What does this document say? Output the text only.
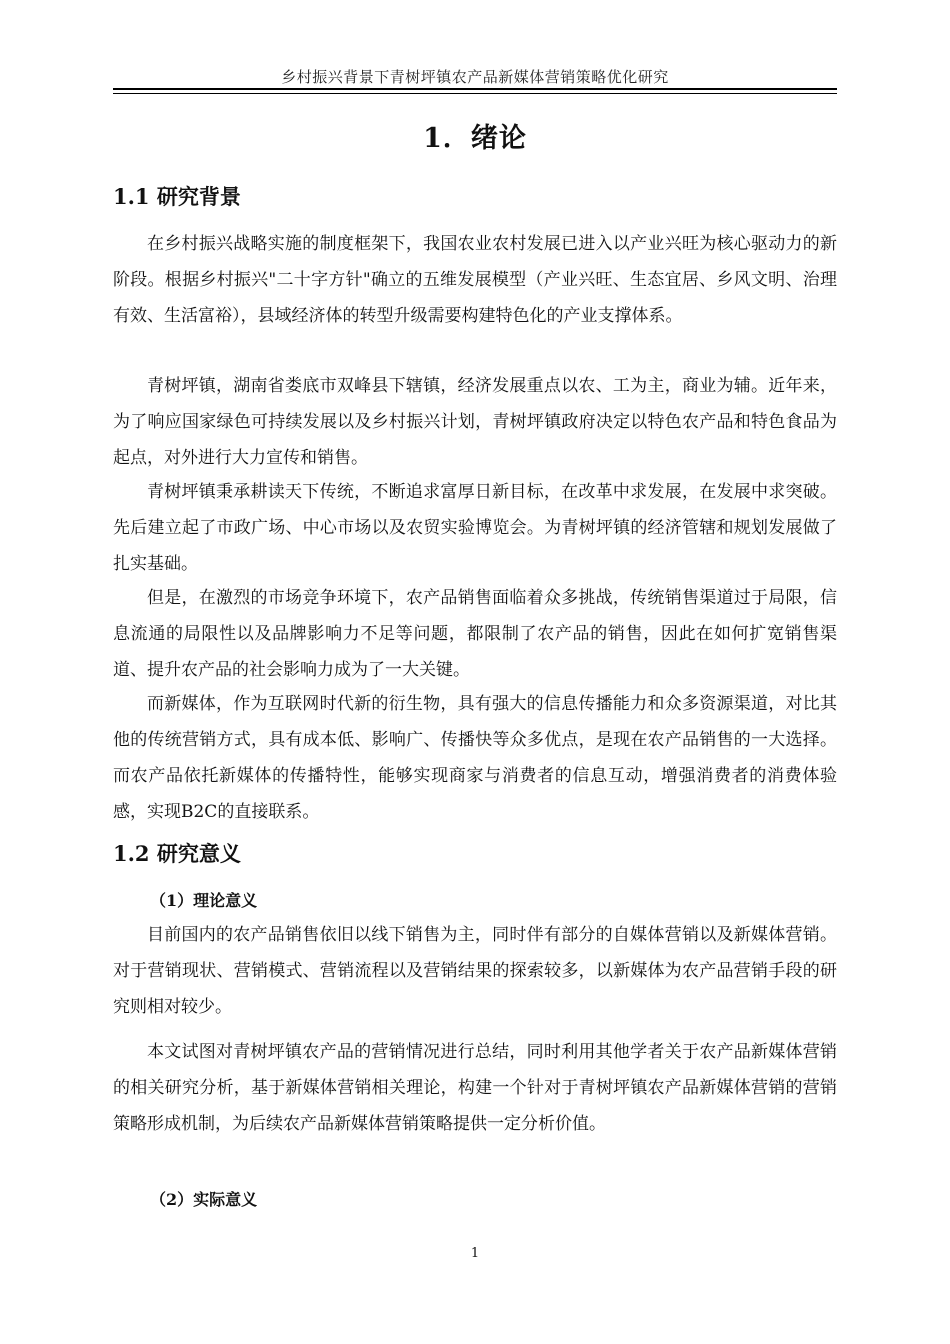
乡村振兴背景下青树坪镇农产品新媒体营销策略优化研究
1．绪论
1.1 研究背景

在乡村振兴战略实施的制度框架下，我国农业农村发展已进入以产业兴旺为核心驱动力的新阶段。根据乡村振兴"二十字方针"确立的五维发展模型（产业兴旺、生态宜居、乡风文明、治理有效、生活富裕），县域经济体的转型升级需要构建特色化的产业支撑体系。

青树坪镇，湖南省娄底市双峰县下辖镇，经济发展重点以农、工为主，商业为辅。近年来，为了响应国家绿色可持续发展以及乡村振兴计划，青树坪镇政府决定以特色农产品和特色食品为起点，对外进行大力宣传和销售。

青树坪镇秉承耕读天下传统，不断追求富厚日新目标，在改革中求发展，在发展中求突破。先后建立起了市政广场、中心市场以及农贸实验博览会。为青树坪镇的经济管辖和规划发展做了扎实基础。

但是，在激烈的市场竞争环境下，农产品销售面临着众多挑战，传统销售渠道过于局限，信息流通的局限性以及品牌影响力不足等问题，都限制了农产品的销售，因此在如何扩宽销售渠道、提升农产品的社会影响力成为了一大关键。

而新媒体，作为互联网时代新的衍生物，具有强大的信息传播能力和众多资源渠道，对比其他的传统营销方式，具有成本低、影响广、传播快等众多优点，是现在农产品销售的一大选择。而农产品依托新媒体的传播特性，能够实现商家与消费者的信息互动，增强消费者的消费体验感，实现B2C的直接联系。

1.2 研究意义
（1）理论意义

目前国内的农产品销售依旧以线下销售为主，同时伴有部分的自媒体营销以及新媒体营销。对于营销现状、营销模式、营销流程以及营销结果的探索较多，以新媒体为农产品营销手段的研究则相对较少。

本文试图对青树坪镇农产品的营销情况进行总结，同时利用其他学者关于农产品新媒体营销的相关研究分析，基于新媒体营销相关理论，构建一个针对于青树坪镇农产品新媒体营销的营销策略形成机制，为后续农产品新媒体营销策略提供一定分析价值。

（2）实际意义
1
